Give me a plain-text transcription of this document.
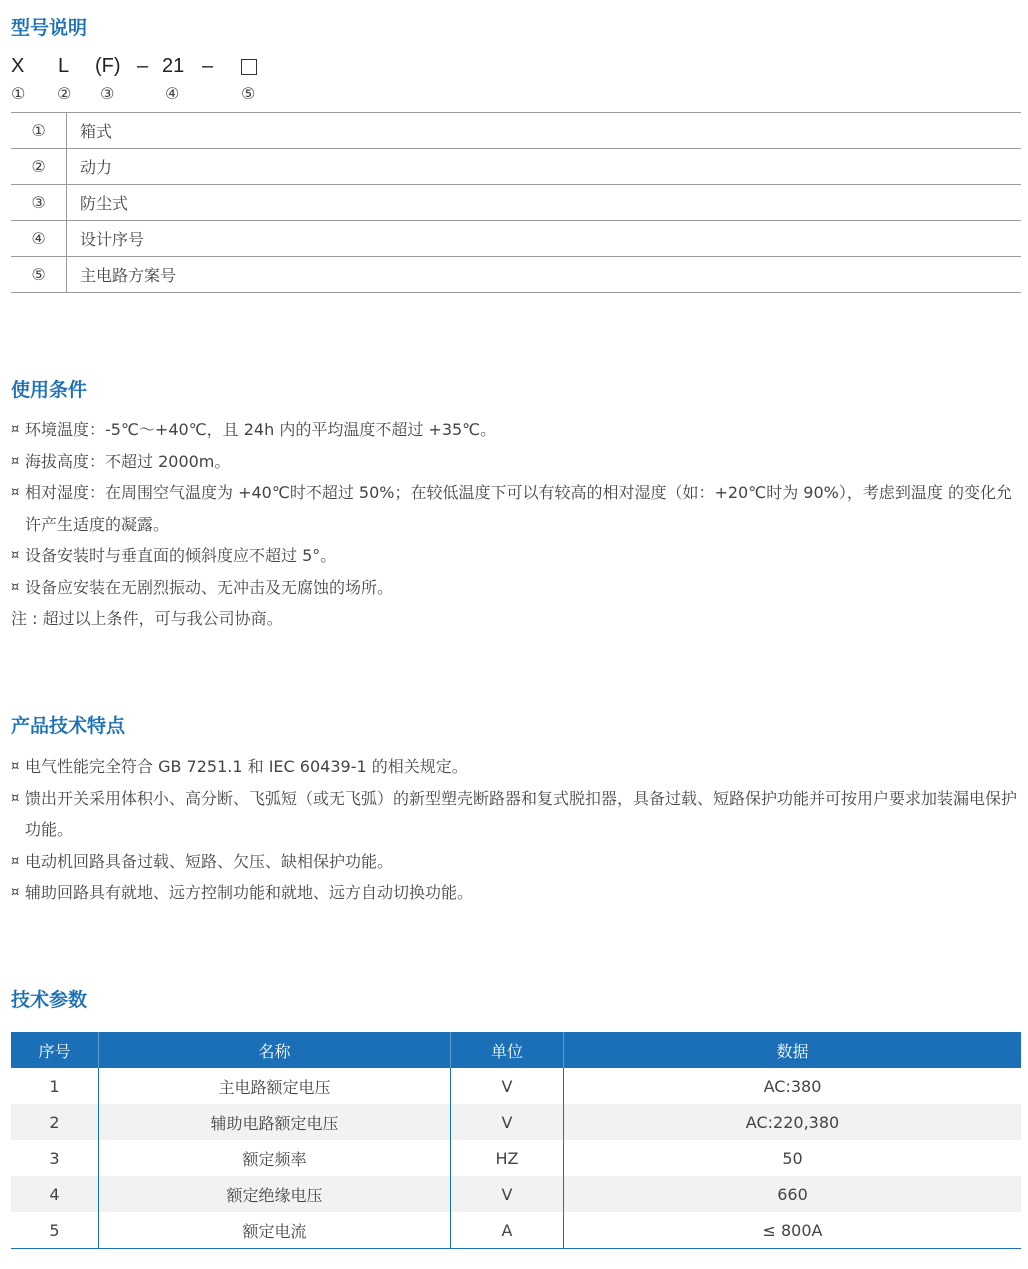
型号说明
X L (F) – 21 –
① ② ③	④	⑤
①	箱式
②	动力
③	防尘式
④	设计序号
⑤	主电路方案号
使用条件
¤ 环境温度：-5℃～+40℃，且 24h 内的平均温度不超过 +35℃。
¤ 海拔高度：不超过 2000m。
¤ 相对湿度：在周围空气温度为 +40℃时不超过 50%；在较低温度下可以有较高的相对湿度（如：+20℃时为 90%），考虑到温度 的变化允许产生适度的凝露。
¤ 设备安装时与垂直面的倾斜度应不超过 5°。
¤ 设备应安装在无剧烈振动、无冲击及无腐蚀的场所。
注 : 超过以上条件，可与我公司协商。
产品技术特点
¤ 电气性能完全符合 GB 7251.1 和 IEC 60439-1 的相关规定。
¤ 馈出开关采用体积小、高分断、飞弧短（或无飞弧）的新型塑壳断路器和复式脱扣器，具备过载、短路保护功能并可按用户要求加装漏电保护功能。
¤ 电动机回路具备过载、短路、欠压、缺相保护功能。
¤ 辅助回路具有就地、远方控制功能和就地、远方自动切换功能。
技术参数
序号	名称	单位	数据
1	主电路额定电压	V	AC:380
2	辅助电路额定电压	V	AC:220,380
3	额定频率	HZ	50
4	额定绝缘电压	V	660
5	额定电流	A	≤ 800A
